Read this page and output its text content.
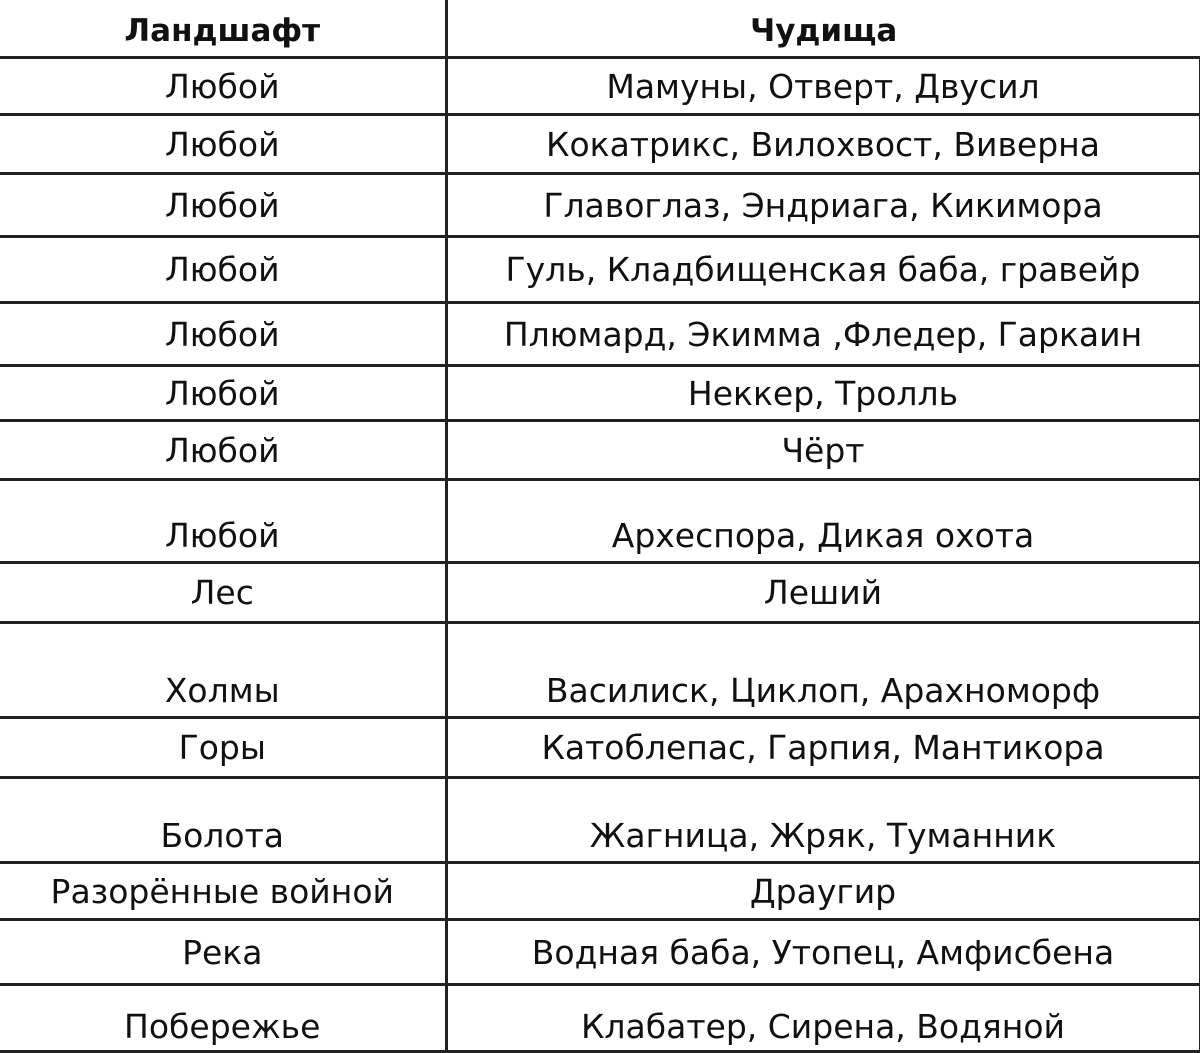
Ландшафт	Чудища
Любой	Мамуны, Отверт, Двусил
Любой	Кокатрикс, Вилохвост, Виверна
Любой	Главоглаз, Эндриага, Кикимора
Любой	Гуль, Кладбищенская баба, гравейр
Любой	Плюмард, Экимма ,Фледер, Гаркаин
Любой	Неккер, Тролль
Любой	Чёрт
Любой	Археспора, Дикая охота
Лес	Леший
Холмы	Василиск, Циклоп, Арахноморф
Горы	Катоблепас, Гарпия, Мантикора
Болота	Жагница, Жряк, Туманник
Разорённые войной	Драугир
Река	Водная баба, Утопец, Амфисбена
Побережье	Клабатер, Сирена, Водяной
